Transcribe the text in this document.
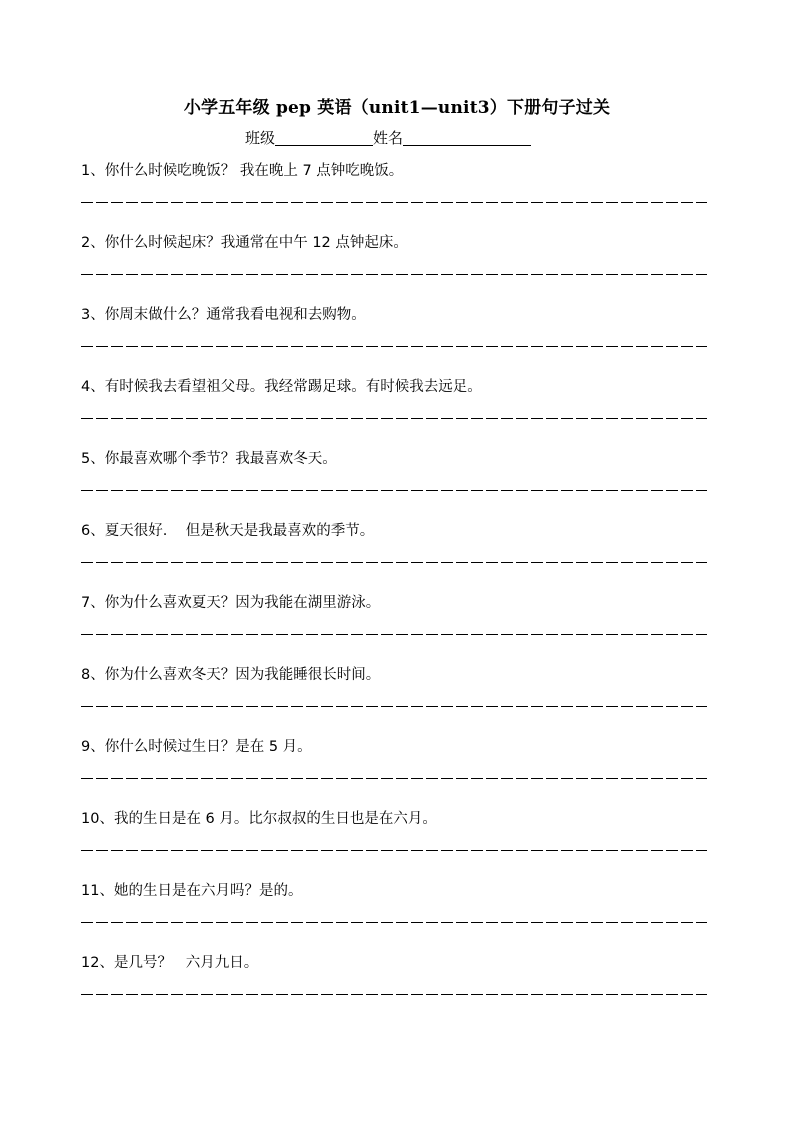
小学五年级 pep 英语（unit1—unit3）下册句子过关
班级	姓名
1、你什么时候吃晚饭？ 我在晚上 7 点钟吃晚饭。
2、你什么时候起床？我通常在中午 12 点钟起床。
3、你周末做什么？通常我看电视和去购物。
4、有时候我去看望祖父母。我经常踢足球。有时候我去远足。
5、你最喜欢哪个季节？我最喜欢冬天。
6、夏天很好.    但是秋天是我最喜欢的季节。
7、你为什么喜欢夏天？因为我能在湖里游泳。
8、你为什么喜欢冬天？因为我能睡很长时间。
9、你什么时候过生日？是在 5 月。
10、我的生日是在 6 月。比尔叔叔的生日也是在六月。
11、她的生日是在六月吗？是的。
12、是几号？   六月九日。
